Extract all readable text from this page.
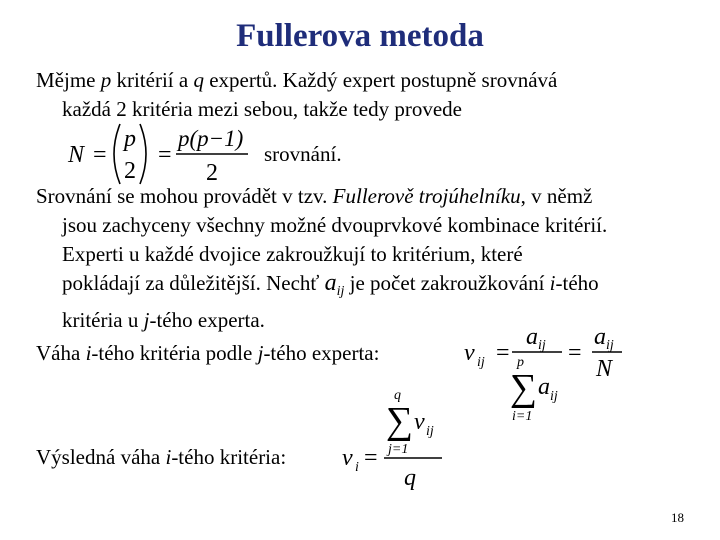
Fullerova metoda
Mějme p kritérií a q expertů. Každý expert postupně srovnává
každá 2 kritéria mezi sebou, takže tedy provede
N =
p
2
=
p(p−1)
2
srovnání.
Srovnání se mohou provádět v tzv. Fullerově trojúhelníku, v němž
jsou zachyceny všechny možné dvouprvkové kombinace kritérií.
Experti u každé dvojice zakroužkují to kritérium, které
pokládají za důležitější. Nechť $a_{ij}$ je počet zakroužkování i-tého
kritéria u j-tého experta.
Váha i-tého kritéria podle j-tého experta:	v ij =
a ij
p
∑ a ij
i=1
=
a ij
N
Výsledná váha i-tého kritéria: v i =
q
∑ v ij
j=1
q
18
